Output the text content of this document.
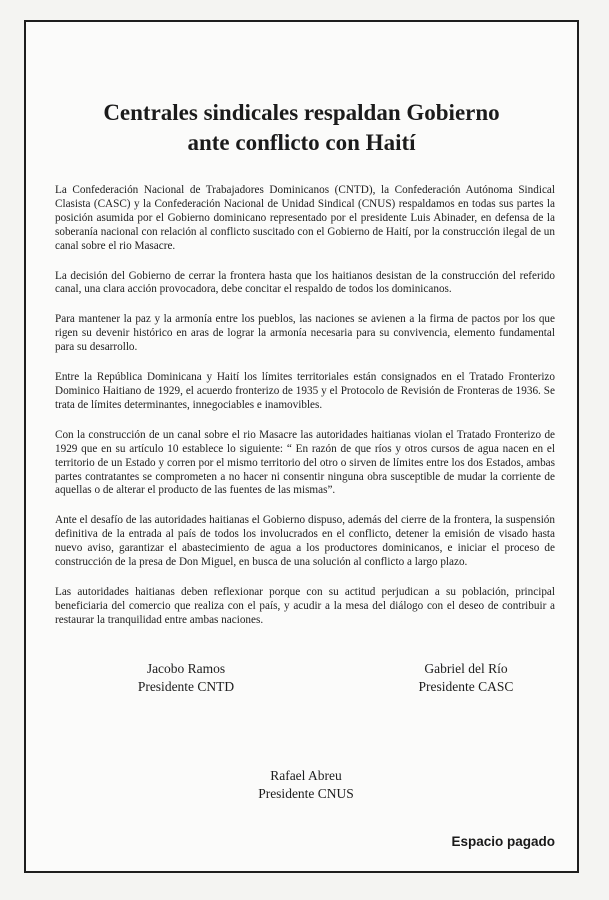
Centrales sindicales respaldan Gobierno
ante conflicto con Haití

La Confederación Nacional de Trabajadores Dominicanos (CNTD), la Confederación Autónoma Sindical Clasista (CASC) y la Confederación Nacional de Unidad Sindical (CNUS) respaldamos en todas sus partes la posición asumida por el Gobierno dominicano representado por el presidente Luis Abinader, en defensa de la soberanía nacional con relación al conflicto suscitado con el Gobierno de Haití, por la construcción ilegal de un canal sobre el rio Masacre.

La decisión del Gobierno de cerrar la frontera hasta que los haitianos desistan de la construcción del referido canal, una clara acción provocadora, debe concitar el respaldo de todos los dominicanos.

Para mantener la paz y la armonía entre los pueblos, las naciones se avienen a la firma de pactos por los que rigen su devenir histórico en aras de lograr la armonía necesaria para su convivencia, elemento fundamental para su desarrollo.

Entre la República Dominicana y Haití los límites territoriales están consignados en el Tratado Fronterizo Dominico Haitiano de 1929, el acuerdo fronterizo de 1935 y el Protocolo de Revisión de Fronteras de 1936. Se trata de límites determinantes, innegociables e inamovibles.

Con la construcción de un canal sobre el rio Masacre las autoridades haitianas violan el Tratado Fronterizo de 1929 que en su artículo 10 establece lo siguiente: “ En razón de que ríos y otros cursos de agua nacen en el territorio de un Estado y corren por el mismo territorio del otro o sirven de límites entre los dos Estados, ambas partes contratantes se comprometen a no hacer ni consentir ninguna obra susceptible de mudar la corriente de aquellas o de alterar el producto de las fuentes de las mismas”.

Ante el desafío de las autoridades haitianas el Gobierno dispuso, además del cierre de la frontera, la suspensión definitiva de la entrada al país de todos los involucrados en el conflicto, detener la emisión de visado hasta nuevo aviso, garantizar el abastecimiento de agua a los productores dominicanos, e iniciar el proceso de construcción de la presa de Don Miguel, en busca de una solución al conflicto a largo plazo.

Las autoridades haitianas deben reflexionar porque con su actitud perjudican a su población, principal beneficiaria del comercio que realiza con el país, y acudir a la mesa del diálogo con el deseo de contribuir a restaurar la tranquilidad entre ambas naciones.

Jacobo Ramos
Presidente CNTD
Gabriel del Río
Presidente CASC
Rafael Abreu
Presidente CNUS
Espacio pagado
